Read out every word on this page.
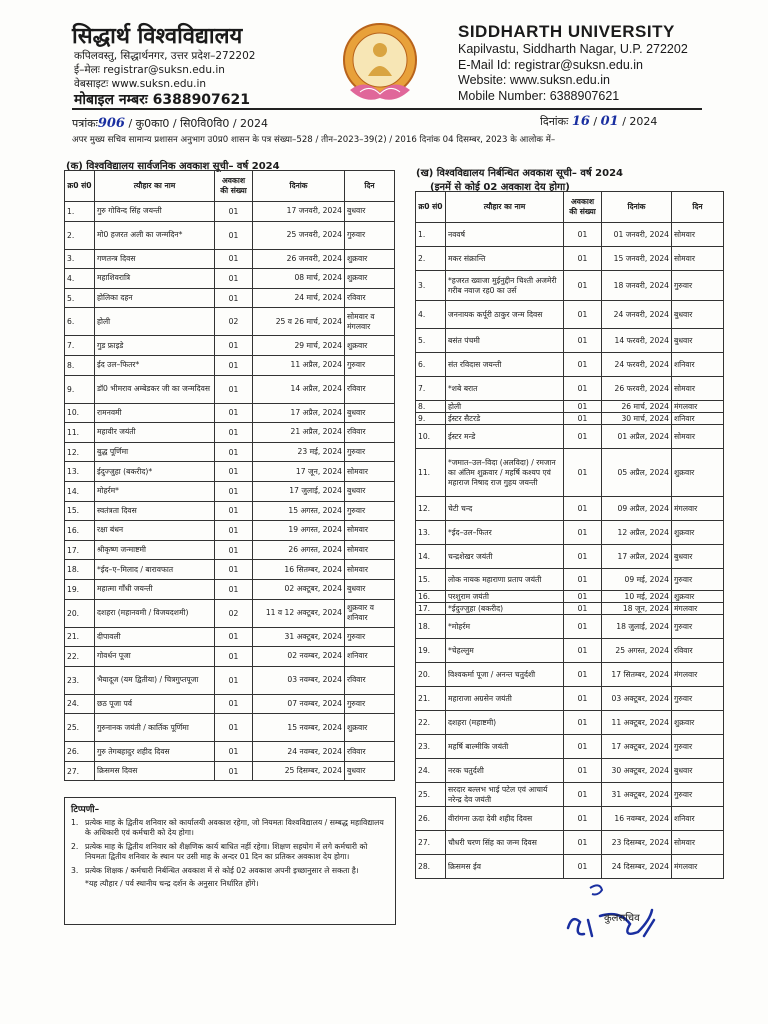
सिद्धार्थ विश्वविद्यालय
कपिलवस्तु, सिद्धार्थनगर, उत्तर प्रदेश–272202
ई–मेलः registrar@suksn.edu.in
वेबसाइटः www.suksn.edu.in
मोबाइल नम्बरः 6388907621
SIDDHARTH UNIVERSITY
Kapilvastu, Siddharth Nagar, U.P. 272202
E-Mail Id: registrar@suksn.edu.in
Website: www.suksn.edu.in
Mobile Number: 6388907621
पत्रांकः906 / कु0का0 / सि0वि0वि0 / 2024	दिनांकः 16 / 01 / 2024
अपर मुख्य सचिव सामान्य प्रशासन अनुभाग उ0प्र0 शासन के पत्र संख्या–528 / तीन–2023–39(2) / 2016 दिनांक 04 दिसम्बर, 2023 के आलोक में–
(क) विश्वविद्यालय सार्वजनिक अवकाश सूची– वर्ष 2024
क्र0 सं0	त्यौहार का नाम	अवकाश की संख्या	दिनांक	दिन
1.	गुरु गोविन्द सिंह जयन्ती	01	17 जनवरी, 2024	बुधवार
2.	मो0 हजरत अली का जन्मदिन*	01	25 जनवरी, 2024	गुरुवार
3.	गणतन्त्र दिवस	01	26 जनवरी, 2024	शुक्रवार
4.	महाशिवरात्रि	01	08 मार्च, 2024	शुक्रवार
5.	होलिका दहन	01	24 मार्च, 2024	रविवार
6.	होली	02	25 व 26 मार्च, 2024	सोमवार व मंगलवार
7.	गुड फ्राइडे	01	29 मार्च, 2024	शुक्रवार
8.	ईद उल–फितर*	01	11 अप्रैल, 2024	गुरुवार
9.	डॉ0 भीमराव अम्बेडकर जी का जन्मदिवस	01	14 अप्रैल, 2024	रविवार
10.	रामनवमी	01	17 अप्रैल, 2024	बुधवार
11.	महावीर जयंती	01	21 अप्रैल, 2024	रविवार
12.	बुद्ध पूर्णिमा	01	23 मई, 2024	गुरुवार
13.	ईदुज्जुहा (बकरीद)*	01	17 जून, 2024	सोमवार
14.	मोहर्रम*	01	17 जुलाई, 2024	बुधवार
15.	स्वतंत्रता दिवस	01	15 अगस्त, 2024	गुरुवार
16.	रक्षा बंधन	01	19 अगस्त, 2024	सोमवार
17.	श्रीकृष्ण जन्माष्टमी	01	26 अगस्त, 2024	सोमवार
18.	*ईद–ए–मिलाद / बारावफात	01	16 सितम्बर, 2024	सोमवार
19.	महात्मा गाँधी जयन्ती	01	02 अक्टूबर, 2024	बुधवार
20.	दशहरा (महानवमी / विजयदशमी)	02	11 व 12 अक्टूबर, 2024	शुक्रवार व शनिवार
21.	दीपावली	01	31 अक्टूबर, 2024	गुरुवार
22.	गोवर्धन पूजा	01	02 नवम्बर, 2024	शनिवार
23.	भैयादूज (यम द्वितीया) / चित्रगुप्तपूजा	01	03 नवम्बर, 2024	रविवार
24.	छठ पूजा पर्व	01	07 नवम्बर, 2024	गुरुवार
25.	गुरुनानक जयंती / कार्तिक पूर्णिमा	01	15 नवम्बर, 2024	शुक्रवार
26.	गुरु तेगबहादुर शहीद दिवस	01	24 नवम्बर, 2024	रविवार
27.	क्रिसमस दिवस	01	25 दिसम्बर, 2024	बुधवार
(ख) विश्वविद्यालय निर्बन्धित अवकाश सूची– वर्ष 2024
(इनमें से कोई 02 अवकाश देय होगा)
क्र0 सं0	त्यौहार का नाम	अवकाश की संख्या	दिनांक	दिन
1.	नववर्ष	01	01 जनवरी, 2024	सोमवार
2.	मकर संक्रान्ति	01	15 जनवरी, 2024	सोमवार
3.	*हजरत ख्वाजा मुईनुद्दीन चिश्ती अजमेरी गरीब नवाज रह0 का उर्स	01	18 जनवरी, 2024	गुरुवार
4.	जननायक कर्पूरी ठाकुर जन्म दिवस	01	24 जनवरी, 2024	बुधवार
5.	बसंत पंचमी	01	14 फरवरी, 2024	बुधवार
6.	संत रविदास जयन्ती	01	24 फरवरी, 2024	शनिवार
7.	*शबे बरात	01	26 फरवरी, 2024	सोमवार
8.	होली	01	26 मार्च, 2024	मंगलवार
9.	ईस्टर सैटरडे	01	30 मार्च, 2024	शनिवार
10.	ईस्टर मन्डे	01	01 अप्रैल, 2024	सोमवार
11.	*जमात–उल–विदा (अलविदा) / रमजान का अंतिम शुक्रवार / महर्षि कश्यप एवं महाराज निषाद राज गुहय जयन्ती	01	05 अप्रैल, 2024	शुक्रवार
12.	चेटी चन्द	01	09 अप्रैल, 2024	मंगलवार
13.	*ईद–उल–फितर	01	12 अप्रैल, 2024	शुक्रवार
14.	चन्द्रशेखर जयंती	01	17 अप्रैल, 2024	बुधवार
15.	लोक नायक महाराणा प्रताप जयंती	01	09 मई, 2024	गुरुवार
16.	परशुराम जयंती	01	10 मई, 2024	शुक्रवार
17.	*ईदुज्जुहा (बकरीद)	01	18 जून, 2024	मंगलवार
18.	*मोहर्रम	01	18 जुलाई, 2024	गुरुवार
19.	*चेहल्लुम	01	25 अगस्त, 2024	रविवार
20.	विश्वकर्मा पूजा / अनन्त चतुर्दशी	01	17 सितम्बर, 2024	मंगलवार
21.	महाराजा अग्रसेन जयंती	01	03 अक्टूबर, 2024	गुरुवार
22.	दशहरा (महाष्टमी)	01	11 अक्टूबर, 2024	शुक्रवार
23.	महर्षि बाल्मीकि जयंती	01	17 अक्टूबर, 2024	गुरुवार
24.	नरक चतुर्दशी	01	30 अक्टूबर, 2024	बुधवार
25.	सरदार बल्लभ भाई पटेल एवं आचार्य नरेन्द्र देव जयंती	01	31 अक्टूबर, 2024	गुरुवार
26.	वीरांगना ऊदा देवी शहीद दिवस	01	16 नवम्बर, 2024	शनिवार
27.	चौधरी चरण सिंह का जन्म दिवस	01	23 दिसम्बर, 2024	सोमवार
28.	क्रिसमस ईव	01	24 दिसम्बर, 2024	मंगलवार
टिप्पणी–
1. प्रत्येक माह के द्वितीय शनिवार को कार्यालयी अवकाश रहेगा, जो नियमतः विश्वविद्यालय / सम्बद्ध महाविद्यालय के अधिकारी एवं कर्मचारी को देय होगा।
2. प्रत्येक माह के द्वितीय शनिवार को शैक्षणिक कार्य बाधित नहीं रहेगा। शिक्षण सहयोग में लगे कर्मचारी को नियमतः द्वितीय शनिवार के स्थान पर उसी माह के अन्दर 01 दिन का प्रतिकर अवकाश देय होगा।
3. प्रत्येक शिक्षक / कर्मचारी निर्बन्धित अवकाश में से कोई 02 अवकाश अपनी इच्छानुसार ले सकता है।
*यह त्यौहार / पर्व स्थानीय चन्द्र दर्शन के अनुसार निर्धारित होंगे।
कुलसचिव
